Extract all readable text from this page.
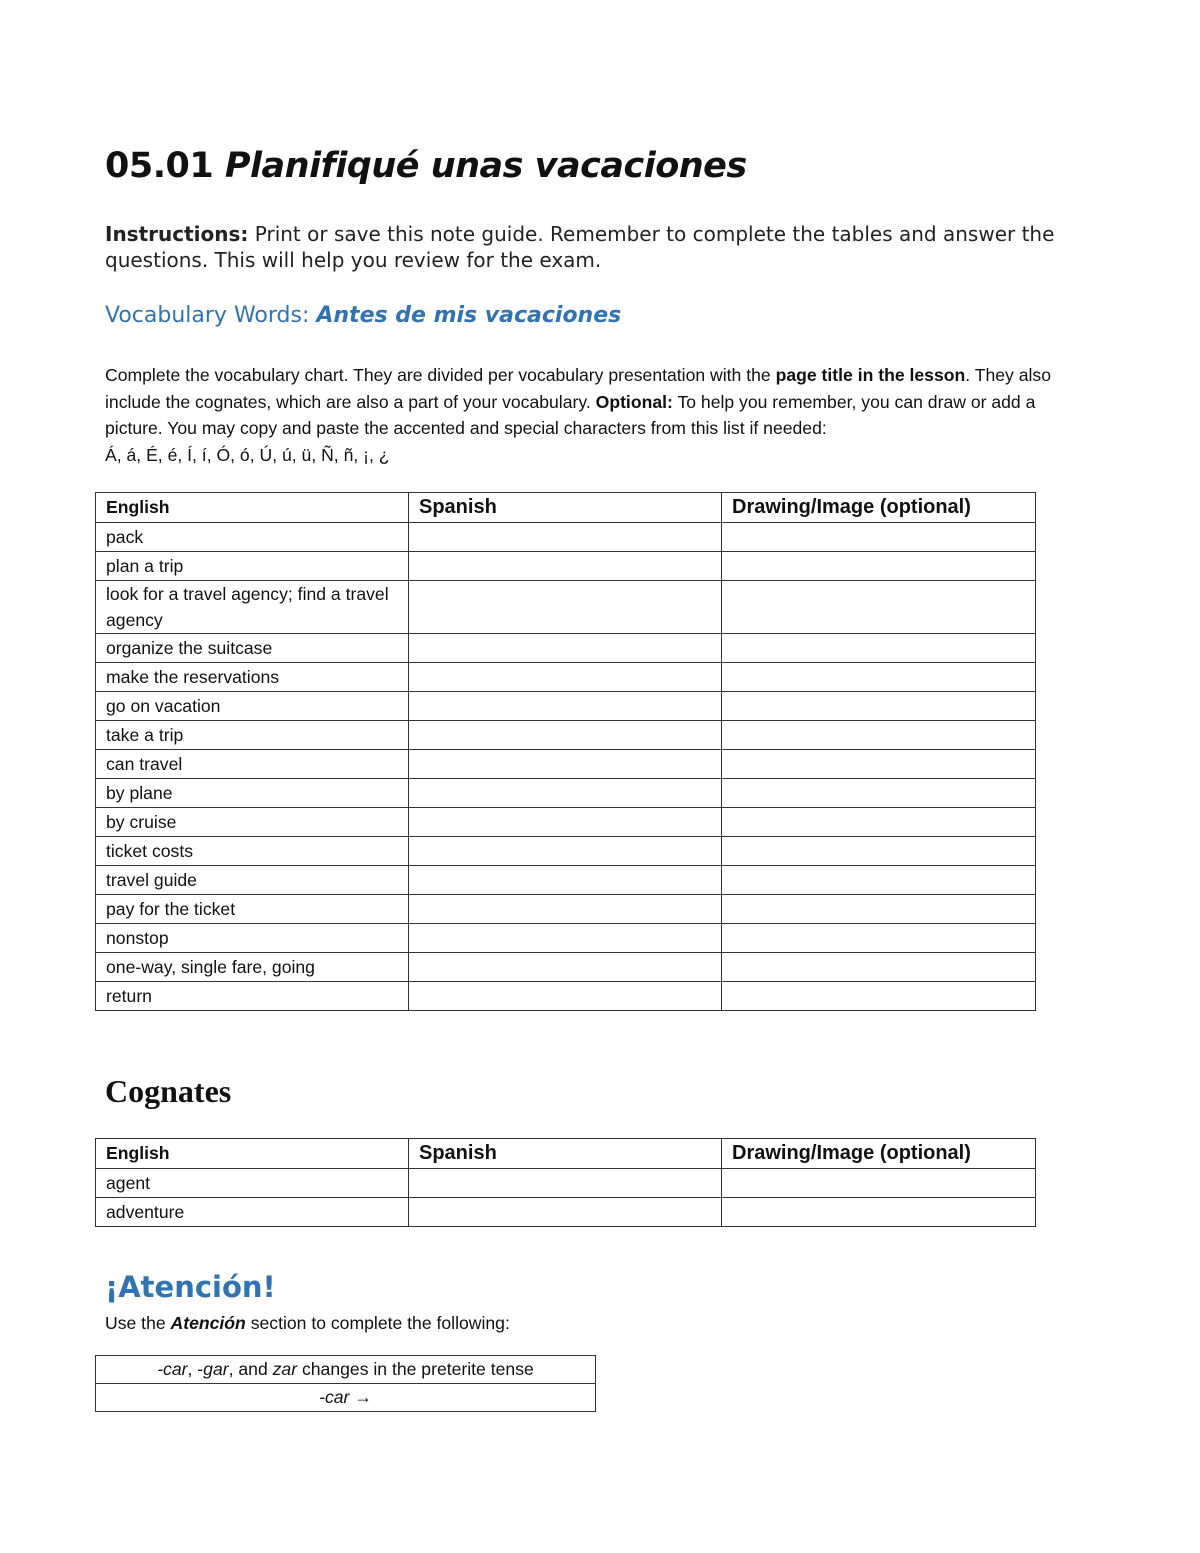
05.01 Planifiqué unas vacaciones

Instructions: Print or save this note guide. Remember to complete the tables and answer the questions. This will help you review for the exam.

Vocabulary Words: Antes de mis vacaciones

Complete the vocabulary chart. They are divided per vocabulary presentation with the page title in the lesson. They also include the cognates, which are also a part of your vocabulary. Optional: To help you remember, you can draw or add a picture. You may copy and paste the accented and special characters from this list if needed:
Á, á, É, é, Í, í, Ó, ó, Ú, ú, ü, Ñ, ñ, ¡, ¿

English	Spanish	Drawing/Image (optional)
pack		
plan a trip		
look for a travel agency; find a travel agency		
organize the suitcase		
make the reservations		
go on vacation		
take a trip		
can travel		
by plane		
by cruise		
ticket costs		
travel guide		
pay for the ticket		
nonstop		
one-way, single fare, going		
return		
Cognates
English	Spanish	Drawing/Image (optional)
agent		
adventure		
¡Atención!

Use the Atención section to complete the following:

-car, -gar, and zar changes in the preterite tense
-car →
